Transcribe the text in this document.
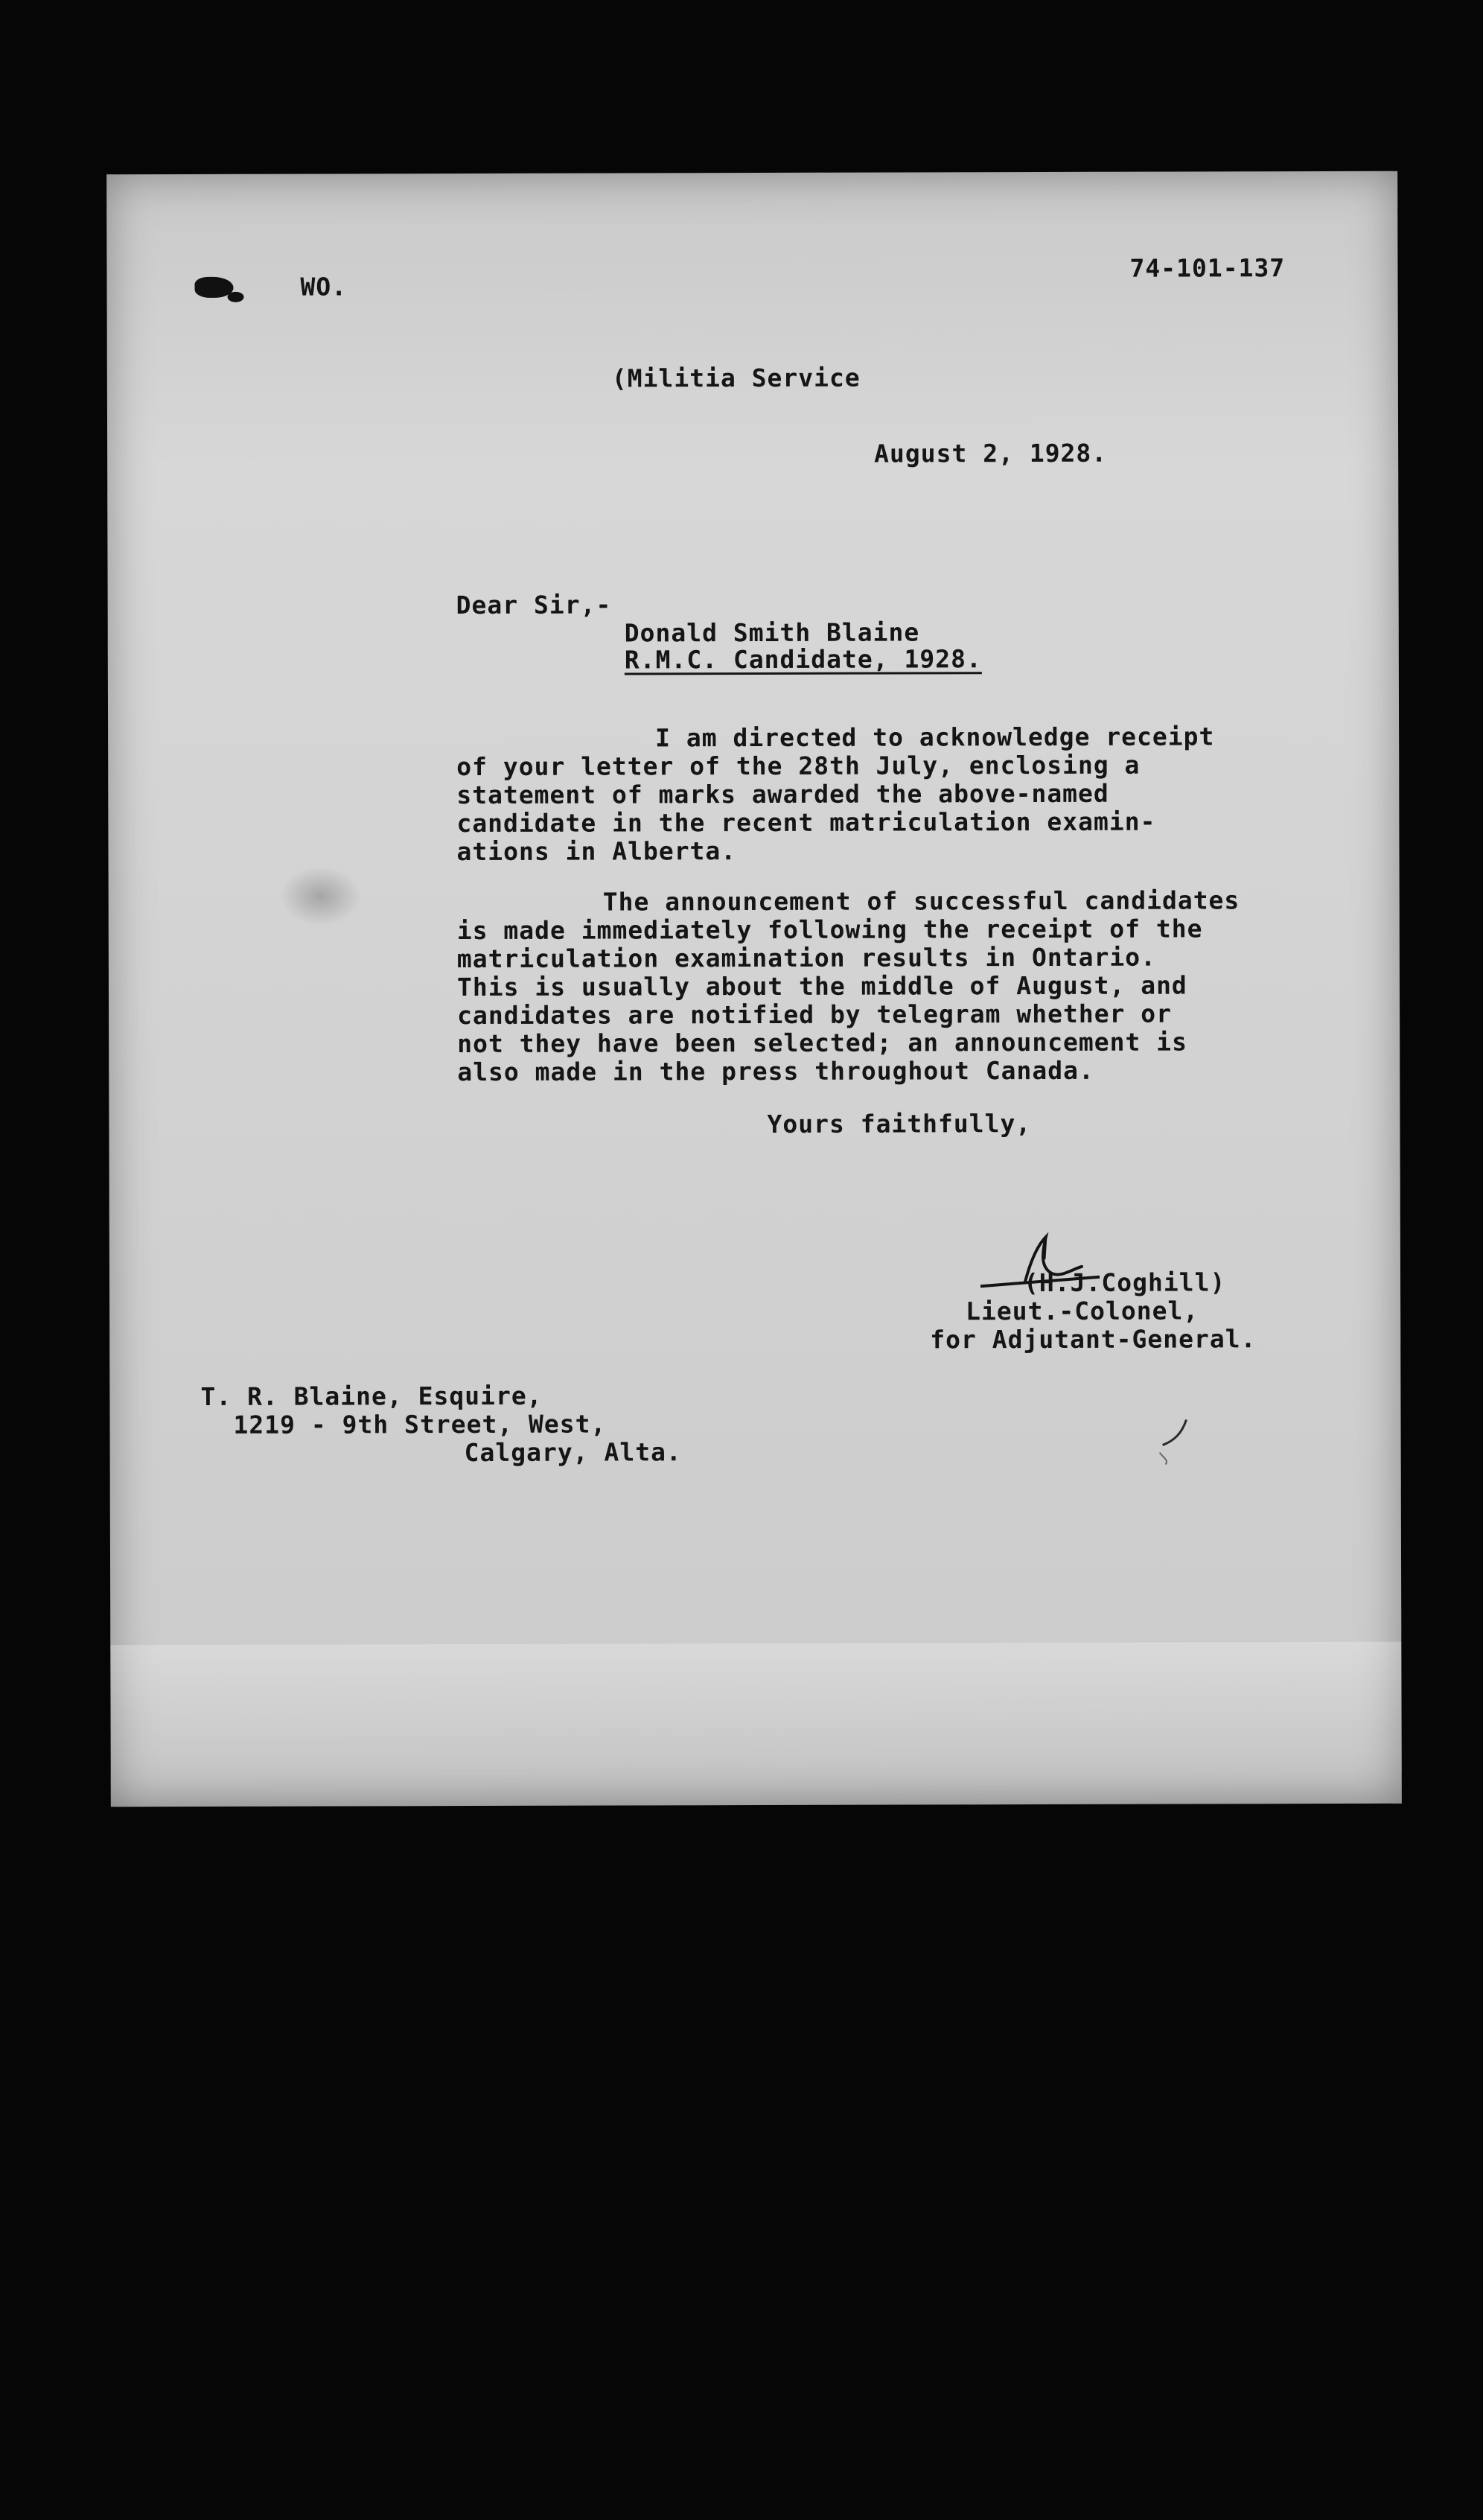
WO.

74-101-137

(Militia Service

August 2, 1928.

Dear Sir,-

Donald Smith Blaine

R.M.C. Candidate, 1928.

I am directed to acknowledge receipt

of your letter of the 28th July, enclosing a

statement of marks awarded the above-named

candidate in the recent matriculation examin-

ations in Alberta.

The announcement of successful candidates

is made immediately following the receipt of the

matriculation examination results in Ontario.

This is usually about the middle of August, and

candidates are notified by telegram whether or

not they have been selected; an announcement is

also made in the press throughout Canada.

Yours faithfully,

(H.J.Coghill)

Lieut.-Colonel,

for Adjutant-General.

T. R. Blaine, Esquire,

1219 - 9th Street, West,

Calgary, Alta.
